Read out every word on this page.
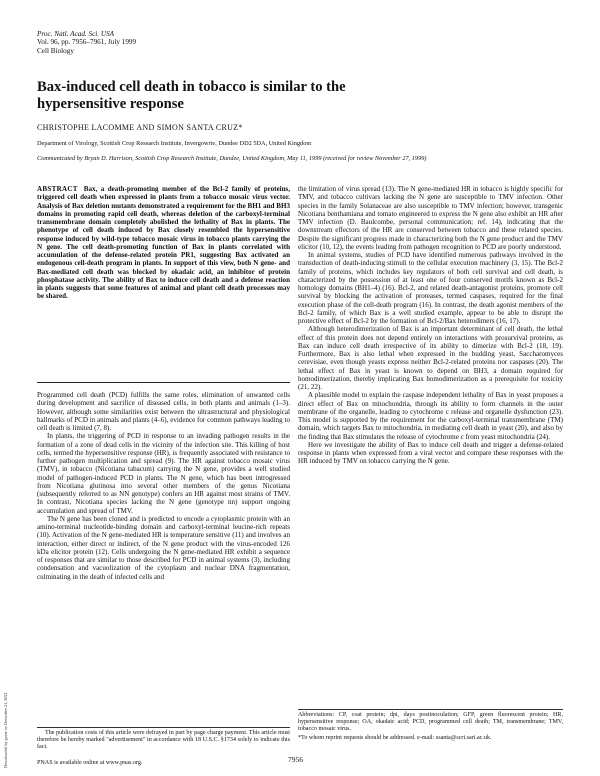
Proc. Natl. Acad. Sci. USA
Vol. 96, pp. 7956–7961, July 1999
Cell Biology
Bax-induced cell death in tobacco is similar to the
hypersensitive response
CHRISTOPHE LACOMME AND SIMON SANTA CRUZ*
Department of Virology, Scottish Crop Research Institute, Invergowrie, Dundee DD2 5DA, United Kingdom
Communicated by Bryan D. Harrison, Scottish Crop Research Institute, Dundee, United Kingdom, May 11, 1999 (received for review November 27, 1999)
ABSTRACT Bax, a death-promoting member of the Bcl-2 family of proteins, triggered cell death when expressed in plants from a tobacco mosaic virus vector. Analysis of Bax deletion mutants demonstrated a requirement for the BH1 and BH3 domains in promoting rapid cell death, whereas deletion of the carboxyl-terminal transmembrane domain completely abolished the lethality of Bax in plants. The phenotype of cell death induced by Bax closely resembled the hypersensitive response induced by wild-type tobacco mosaic virus in tobacco plants carrying the N gene. The cell death-promoting function of Bax in plants correlated with accumulation of the defense-related protein PR1, suggesting Bax activated an endogenous cell-death program in plants. In support of this view, both N gene- and Bax-mediated cell death was blocked by okadaic acid, an inhibitor of protein phosphatase activity. The ability of Bax to induce cell death and a defense reaction in plants suggests that some features of animal and plant cell death processes may be shared.

Programmed cell death (PCD) fulfills the same roles, elimination of unwanted cells during development and sacrifice of diseased cells, in both plants and animals (1–3). However, although some similarities exist between the ultrastructural and physiological hallmarks of PCD in animals and plants (4–6), evidence for common pathways leading to cell death is limited (7, 8).

In plants, the triggering of PCD in response to an invading pathogen results in the formation of a zone of dead cells in the vicinity of the infection site. This killing of host cells, termed the hypersensitive response (HR), is frequently associated with resistance to further pathogen multiplication and spread (9). The HR against tobacco mosaic virus (TMV), in tobacco (Nicotiana tabacum) carrying the N gene, provides a well studied model of pathogen-induced PCD in plants. The N gene, which has been introgressed from Nicotiana glutinosa into several other members of the genus Nicotiana (subsequently referred to as NN genotype) confers an HR against most strains of TMV. In contrast, Nicotiana species lacking the N gene (genotype nn) support ongoing accumulation and spread of TMV.

The N gene has been cloned and is predicted to encode a cytoplasmic protein with an amino-terminal nucleotide-binding domain and carboxyl-terminal leucine-rich repeats (10). Activation of the N gene-mediated HR is temperature sensitive (11) and involves an interaction, either direct or indirect, of the N gene product with the virus-encoded 126 kDa elicitor protein (12). Cells undergoing the N gene-mediated HR exhibit a sequence of responses that are similar to those described for PCD in animal systems (3), including condensation and vacuolization of the cytoplasm and nuclear DNA fragmentation, culminating in the death of infected cells and

the limitation of virus spread (13). The N gene-mediated HR in tobacco is highly specific for TMV, and tobacco cultivars lacking the N gene are susceptible to TMV infection. Other species in the family Solanaceae are also susceptible to TMV infection; however, transgenic Nicotiana benthamiana and tomato engineered to express the N gene also exhibit an HR after TMV infection (D. Baulcombe, personal communication; ref. 14), indicating that the downstream effectors of the HR are conserved between tobacco and these related species. Despite the significant progress made in characterizing both the N gene product and the TMV elicitor (10, 12), the events leading from pathogen recognition to PCD are poorly understood.

In animal systems, studies of PCD have identified numerous pathways involved in the transduction of death-inducing stimuli to the cellular execution machinery (3, 15). The Bcl-2 family of proteins, which includes key regulators of both cell survival and cell death, is characterized by the possession of at least one of four conserved motifs known as Bcl-2 homology domains (BH1–4) (16). Bcl-2, and related death-antagonist proteins, promote cell survival by blocking the activation of proteases, termed caspases, required for the final execution phase of the cell-death program (16). In contrast, the death agonist members of the Bcl-2 family, of which Bax is a well studied example, appear to be able to disrupt the protective effect of Bcl-2 by the formation of Bcl-2/Bax heterodimers (16, 17).

Although heterodimerization of Bax is an important determinant of cell death, the lethal effect of this protein does not depend entirely on interactions with prosurvival proteins, as Bax can induce cell death irrespective of its ability to dimerize with Bcl-2 (18, 19). Furthermore, Bax is also lethal when expressed in the budding yeast, Saccharomyces cerevisiae, even though yeasts express neither Bcl-2-related proteins nor caspases (20). The lethal effect of Bax in yeast is known to depend on BH3, a domain required for homodimerization, thereby implicating Bax homodimerization as a prerequisite for toxicity (21, 22).

A plausible model to explain the caspase independent lethality of Bax in yeast proposes a direct effect of Bax on mitochondria, through its ability to form channels in the outer membrane of the organelle, leading to cytochrome c release and organelle dysfunction (23). This model is supported by the requirement for the carboxyl-terminal transmembrane (TM) domain, which targets Bax to mitochondria, in mediating cell death in yeast (20), and also by the finding that Bax stimulates the release of cytochrome c from yeast mitochondria (24).

Here we investigate the ability of Bax to induce cell death and trigger a defense-related response in plants when expressed from a viral vector and compare these responses with the HR induced by TMV on tobacco carrying the N gene.

The publication costs of this article were defrayed in part by page charge payment. This article must therefore be hereby marked "advertisement" in accordance with 18 U.S.C. §1734 solely to indicate this fact.

PNAS is available online at www.pnas.org.

Abbreviations: CP, coat protein; dpi, days postinoculation; GFP, green fluorescent protein; HR, hypersensitive response; OA, okadaic acid; PCD, programmed cell death; TM, transmembrane; TMV, tobacco mosaic virus.

*To whom reprint requests should be addressed. e-mail: ssanta@scri.sari.ac.uk.

7956
Downloaded by guest on December 21, 2021
